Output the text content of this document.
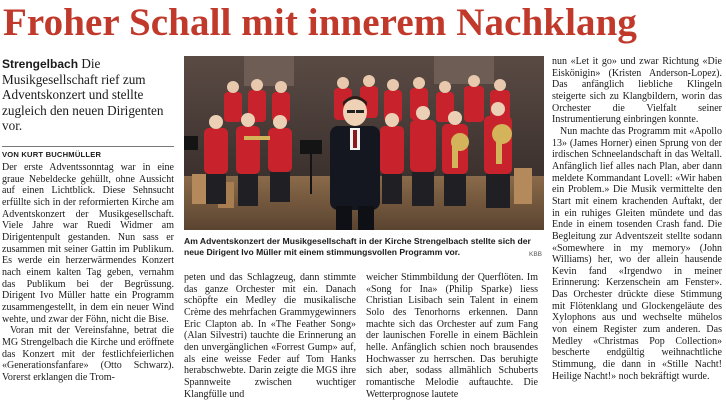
Froher Schall mit innerem Nachklang
Strengelbach Die Musikgesellschaft rief zum Adventskonzert und stellte zugleich den neuen Dirigenten vor.
VON KURT BUCHMÜLLER

Der erste Adventssonntag war in eine graue Nebeldecke gehüllt, ohne Aussicht auf einen Lichtblick. Diese Sehnsucht erfüllte sich in der reformierten Kirche am Adventskonzert der Musikgesellschaft. Viele Jahre war Ruedi Widmer am Dirigentenpult gestanden. Nun sass er zusammen mit seiner Gattin im Publikum. Es werde ein herzerwärmendes Konzert nach einem kalten Tag geben, vernahm das Publikum bei der Begrüssung. Dirigent Ivo Müller hatte ein Programm zusammengestellt, in dem ein neuer Wind wehte, und zwar der Föhn, nicht die Bise.

Voran mit der Vereinsfahne, betrat die MG Strengelbach die Kirche und eröffnete das Konzert mit der festlichfeierlichen «Generationsfanfare» (Otto Schwarz). Vorerst erklangen die Trom-

Am Adventskonzert der Musikgesellschaft in der Kirche Strengelbach stellte sich der neue Dirigent Ivo Müller mit einem stimmungsvollen Programm vor.	KBB

peten und das Schlagzeug, dann stimmte das ganze Orchester mit ein. Danach schöpfte ein Medley die musikalische Crème des mehrfachen Grammygewinners Eric Clapton ab. In «The Feather Song» (Alan Silvestri) tauchte die Erinnerung an den unvergänglichen «Forrest Gump» auf, als eine weisse Feder auf Tom Hanks herabschwebte. Darin zeigte die MGS ihre Spannweite zwischen wuchtiger Klangfülle und

weicher Stimmbildung der Querflöten. Im «Song for Ina» (Philip Sparke) liess Christian Lisibach sein Talent in einem Solo des Tenorhorns erkennen. Dann machte sich das Orchester auf zum Fang der launischen Forelle in einem Bächlein helle. Anfänglich schien noch brausendes Hochwasser zu herrschen. Das beruhigte sich aber, sodass allmählich Schuberts romantische Melodie auftauchte. Die Wetterprognose lautete

nun «Let it go» und zwar Richtung «Die Eiskönigin» (Kristen Anderson-Lopez). Das anfänglich liebliche Klingeln steigerte sich zu Klangbildern, worin das Orchester die Vielfalt seiner Instrumentierung einbringen konnte.

Nun machte das Programm mit «Apollo 13» (James Horner) einen Sprung von der irdischen Schneelandschaft in das Weltall. Anfänglich lief alles nach Plan, aber dann meldete Kommandant Lovell: «Wir haben ein Problem.» Die Musik vermittelte den Start mit einem krachenden Auftakt, der in ein ruhiges Gleiten mündete und das Ende in einem tosenden Crash fand. Die Begleitung zur Adventszeit stellte sodann «Somewhere in my memory» (John Williams) her, wo der allein hausende Kevin fand «Irgendwo in meiner Erinnerung: Kerzenschein am Fenster». Das Orchester drückte diese Stimmung mit Flötenklang und Glockengeläute des Xylophons aus und wechselte mühelos von einem Register zum anderen. Das Medley «Christmas Pop Collection» bescherte endgültig weihnachtliche Stimmung, die dann in «Stille Nacht! Heilige Nacht!» noch bekräftigt wurde.
